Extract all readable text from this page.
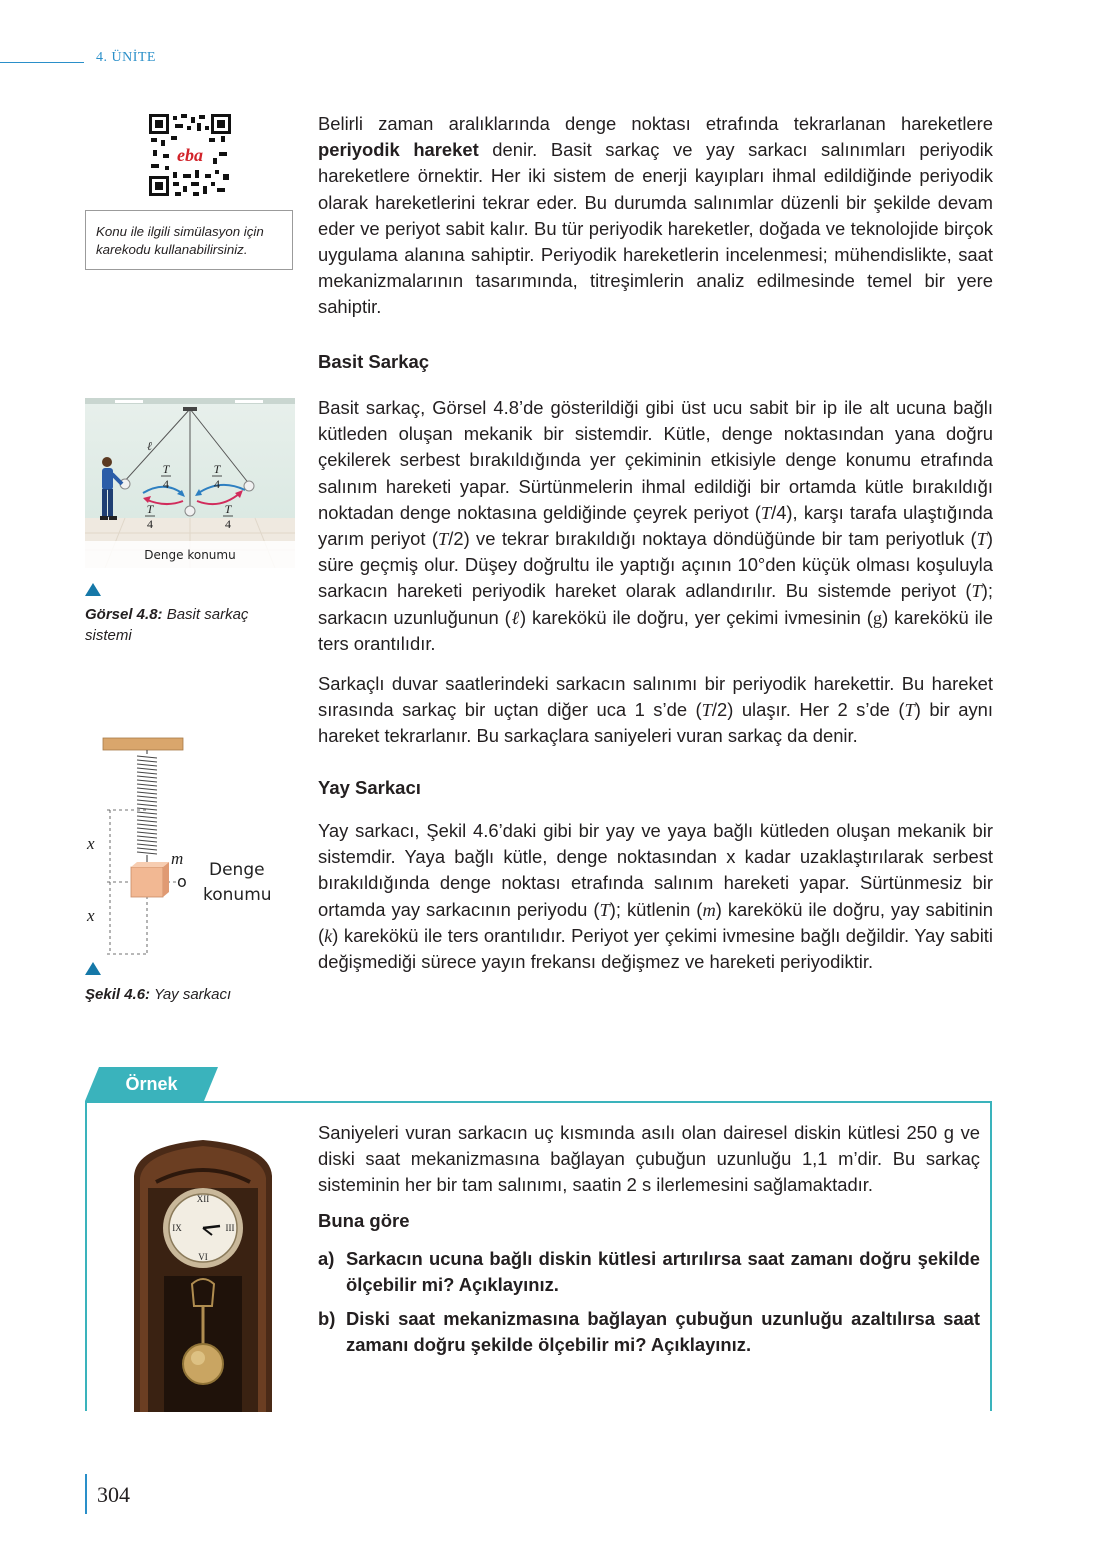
4. ÜNİTE
eba
Konu ile ilgili simülasyon için
karekodu kullanabilirsiniz.

Belirli zaman aralıklarında denge noktası etrafında tekrarlanan hareketlere periyodik hareket denir. Basit sarkaç ve yay sarkacı salınımları periyodik hareketlere örnektir. Her iki sistem de enerji kayıpları ihmal edildiğinde periyodik olarak hareketlerini tekrar eder. Bu durumda salınımlar düzenli bir şekilde devam eder ve periyot sabit kalır. Bu tür periyodik hareketler, doğada ve teknolojide birçok uygulama alanına sahiptir. Periyodik hareketlerin incelenmesi; mühendislikte, saat mekanizmalarının tasarımında, titreşimlerin analiz edilmesinde temel bir yere sahiptir.

Basit Sarkaç

Basit sarkaç, Görsel 4.8’de gösterildiği gibi üst ucu sabit bir ip ile alt ucuna bağlı kütleden oluşan mekanik bir sistemdir. Kütle, denge noktasından yana doğru çekilerek serbest bırakıldığında yer çekiminin etkisiyle denge konumu etrafında salınım hareketi yapar. Sürtünmelerin ihmal edildiği bir ortamda kütle bırakıldığı noktadan denge noktasına geldiğinde çeyrek periyot (T/4), karşı tarafa ulaştığında yarım periyot (T/2) ve tekrar bırakıldığı noktaya döndüğünde bir tam periyotluk (T) süre geçmiş olur. Düşey doğrultu ile yaptığı açının 10°den küçük olması koşuluyla sarkacın hareketi periyodik hareket olarak adlandırılır. Bu sistemde periyot (T); sarkacın uzunluğunun (ℓ) karekökü ile doğru, yer çekimi ivmesinin (g) karekökü ile ters orantılıdır.

Sarkaçlı duvar saatlerindeki sarkacın salınımı bir periyodik harekettir. Bu hareket sırasında sarkaç bir uçtan diğer uca 1 s’de (T/2) ulaşır. Her 2 s’de (T) bir aynı hareket tekrarlanır. Bu sarkaçlara saniyeleri vuran sarkaç da denir.

ℓ
T
4
T
4
T
4
T
4
Denge konumu
Görsel 4.8: Basit sarkaç sistemi
Yay Sarkacı

Yay sarkacı, Şekil 4.6’daki gibi bir yay ve yaya bağlı kütleden oluşan mekanik bir sistemdir. Yaya bağlı kütle, denge noktasından x kadar uzaklaştırılarak serbest bırakıldığında denge noktası etrafında salınım hareketi yapar. Sürtünmesiz bir ortamda yay sarkacının periyodu (T); kütlenin (m) karekökü ile doğru, yay sabitinin (k) karekökü ile ters orantılıdır. Periyot yer çekimi ivmesine bağlı değildir. Yay sabiti değişmediği sürece yayın frekansı değişmez ve hareketi periyodiktir.

x
x
m
o
Denge
konumu
Şekil 4.6: Yay sarkacı
Örnek
XII
III
VI
IX

Saniyeleri vuran sarkacın uç kısmında asılı olan dairesel diskin kütlesi 250 g ve diski saat mekanizmasına bağlayan çubuğun uzunluğu 1,1 m’dir. Bu sarkaç sisteminin her bir tam salınımı, saatin 2 s ilerlemesini sağlamaktadır.

Buna göre

a) Sarkacın ucuna bağlı diskin kütlesi artırılırsa saat zamanı doğru şekilde ölçebilir mi? Açıklayınız.
b) Diski saat mekanizmasına bağlayan çubuğun uzunluğu azaltılırsa saat zamanı doğru şekilde ölçebilir mi? Açıklayınız.
304
